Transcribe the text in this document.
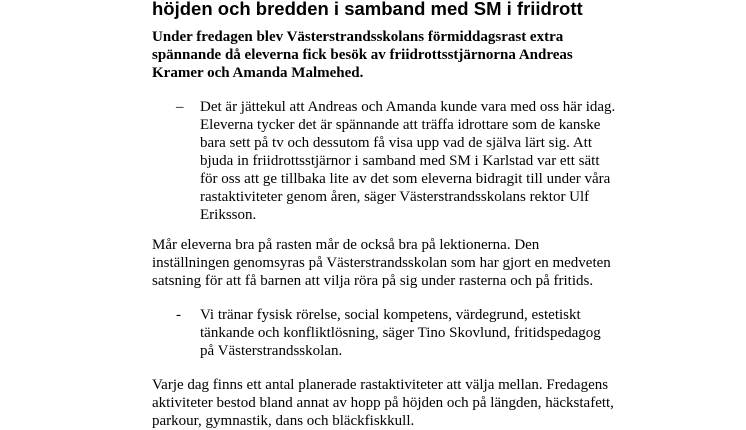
höjden och bredden i samband med SM i friidrott

Under fredagen blev Västerstrandsskolans förmiddagsrast extra
spännande då eleverna fick besök av friidrottsstjärnorna Andreas
Kramer och Amanda Malmehed.

– Det är jättekul att Andreas och Amanda kunde vara med oss här idag.
Eleverna tycker det är spännande att träffa idrottare som de kanske
bara sett på tv och dessutom få visa upp vad de själva lärt sig. Att
bjuda in friidrottsstjärnor i samband med SM i Karlstad var ett sätt
för oss att ge tillbaka lite av det som eleverna bidragit till under våra
rastaktiviteter genom åren, säger Västerstrandsskolans rektor Ulf
Eriksson.

Mår eleverna bra på rasten mår de också bra på lektionerna. Den
inställningen genomsyras på Västerstrandsskolan som har gjort en medveten
satsning för att få barnen att vilja röra på sig under rasterna och på fritids.

- Vi tränar fysisk rörelse, social kompetens, värdegrund, estetiskt
tänkande och konfliktlösning, säger Tino Skovlund, fritidspedagog
på Västerstrandsskolan.

Varje dag finns ett antal planerade rastaktiviteter att välja mellan. Fredagens
aktiviteter bestod bland annat av hopp på höjden och på längden, häckstafett,
parkour, gymnastik, dans och bläckfiskkull.
